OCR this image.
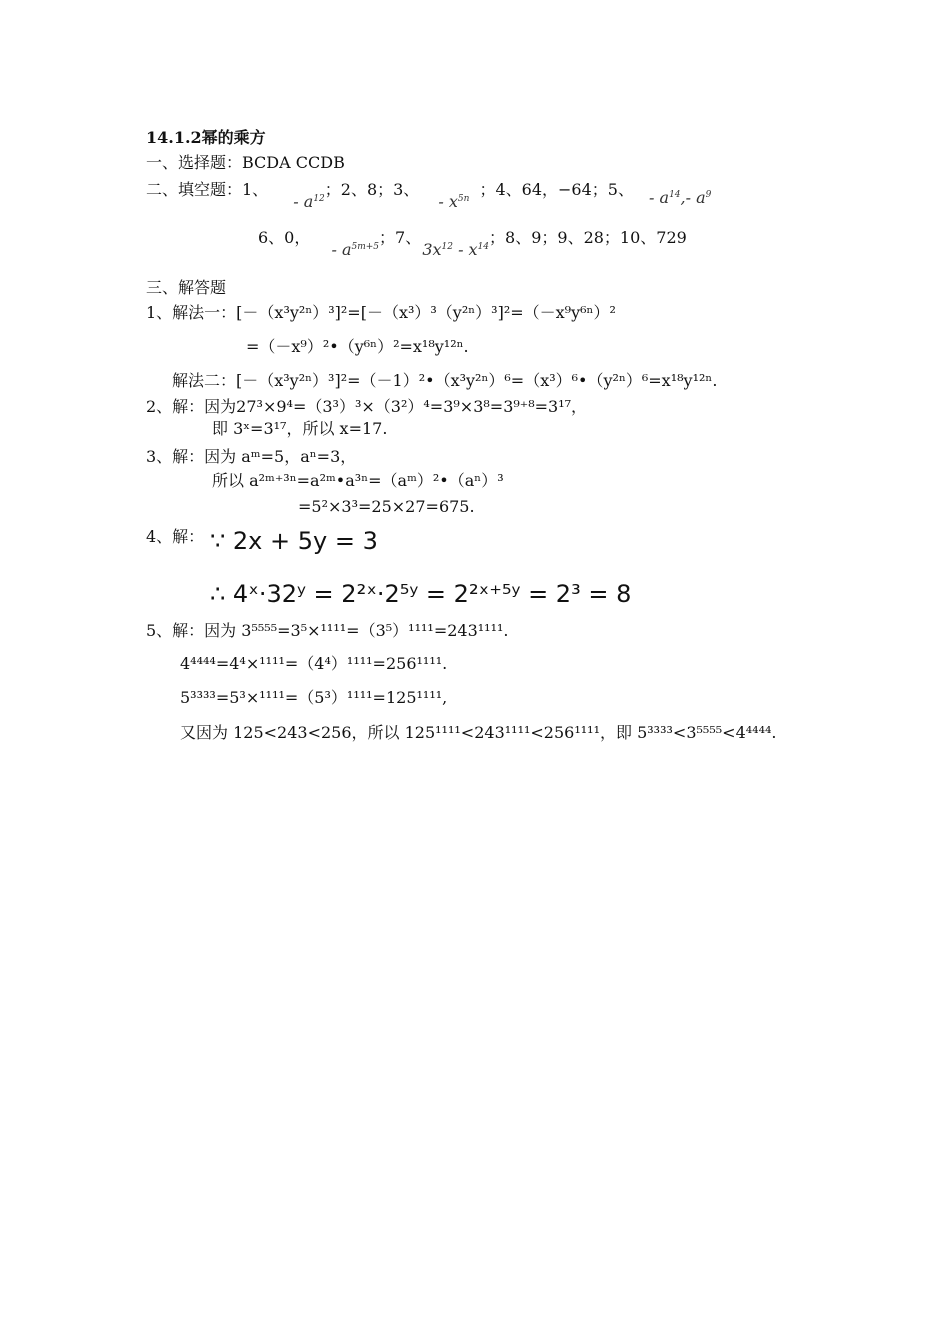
14.1.2幂的乘方
一、选择题：BCDA CCDB
二、填空题：1、 - $a^{12}$；2、8；3、 - $x^{5n}$ ；4、64，−64；5、 - $a^{14},-$ $a^9$
6、0， - $a^{5m+5}$；7、 $3x^{12} - x^{14}$；8、9；9、28；10、729
三、解答题
1、解法一：[－（x³y²ⁿ）³]²=[－（x³）³（y²ⁿ）³]²=（－x⁹y⁶ⁿ）²
=（－x⁹）²•（y⁶ⁿ）²=x¹⁸y¹²ⁿ.
解法二：[－（x³y²ⁿ）³]²=（－1）²•（x³y²ⁿ）⁶=（x³）⁶•（y²ⁿ）⁶=x¹⁸y¹²ⁿ.
2、解：因为27³×9⁴=（3³）³×（3²）⁴=3⁹×3⁸=3⁹⁺⁸=3¹⁷，
即 3ˣ=3¹⁷，所以 x=17.
3、解：因为 aᵐ=5，aⁿ=3，
所以 a²ᵐ⁺³ⁿ=a²ᵐ•a³ⁿ=（aᵐ）²•（aⁿ）³
=5²×3³=25×27=675.
4、解： ∵ 2x + 5y = 3
∴ 4ˣ·32ʸ = 2²ˣ·2⁵ʸ = 2²ˣ⁺⁵ʸ = 2³ = 8
5、解：因为 3⁵⁵⁵⁵=3⁵×¹¹¹¹=（3⁵）¹¹¹¹=243¹¹¹¹.
4⁴⁴⁴⁴=4⁴×¹¹¹¹=（4⁴）¹¹¹¹=256¹¹¹¹.
5³³³³=5³×¹¹¹¹=（5³）¹¹¹¹=125¹¹¹¹,
又因为 125<243<256，所以 125¹¹¹¹<243¹¹¹¹<256¹¹¹¹，即 5³³³³<3⁵⁵⁵⁵<4⁴⁴⁴⁴.
